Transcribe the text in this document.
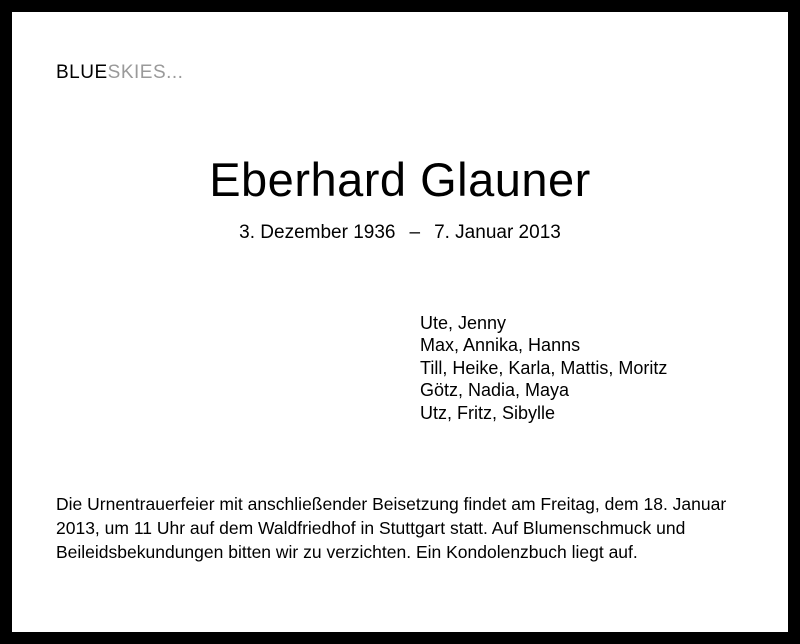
BLUESKIES...
Eberhard Glauner
3. Dezember 1936 – 7. Januar 2013
Ute, Jenny
Max, Annika, Hanns
Till, Heike, Karla, Mattis, Moritz
Götz, Nadia, Maya
Utz, Fritz, Sibylle
Die Urnentrauerfeier mit anschließender Beisetzung findet am Freitag, dem 18. Januar 2013, um 11 Uhr auf dem Waldfriedhof in Stuttgart statt. Auf Blumenschmuck und Beileidsbekundungen bitten wir zu verzichten. Ein Kondolenzbuch liegt auf.
